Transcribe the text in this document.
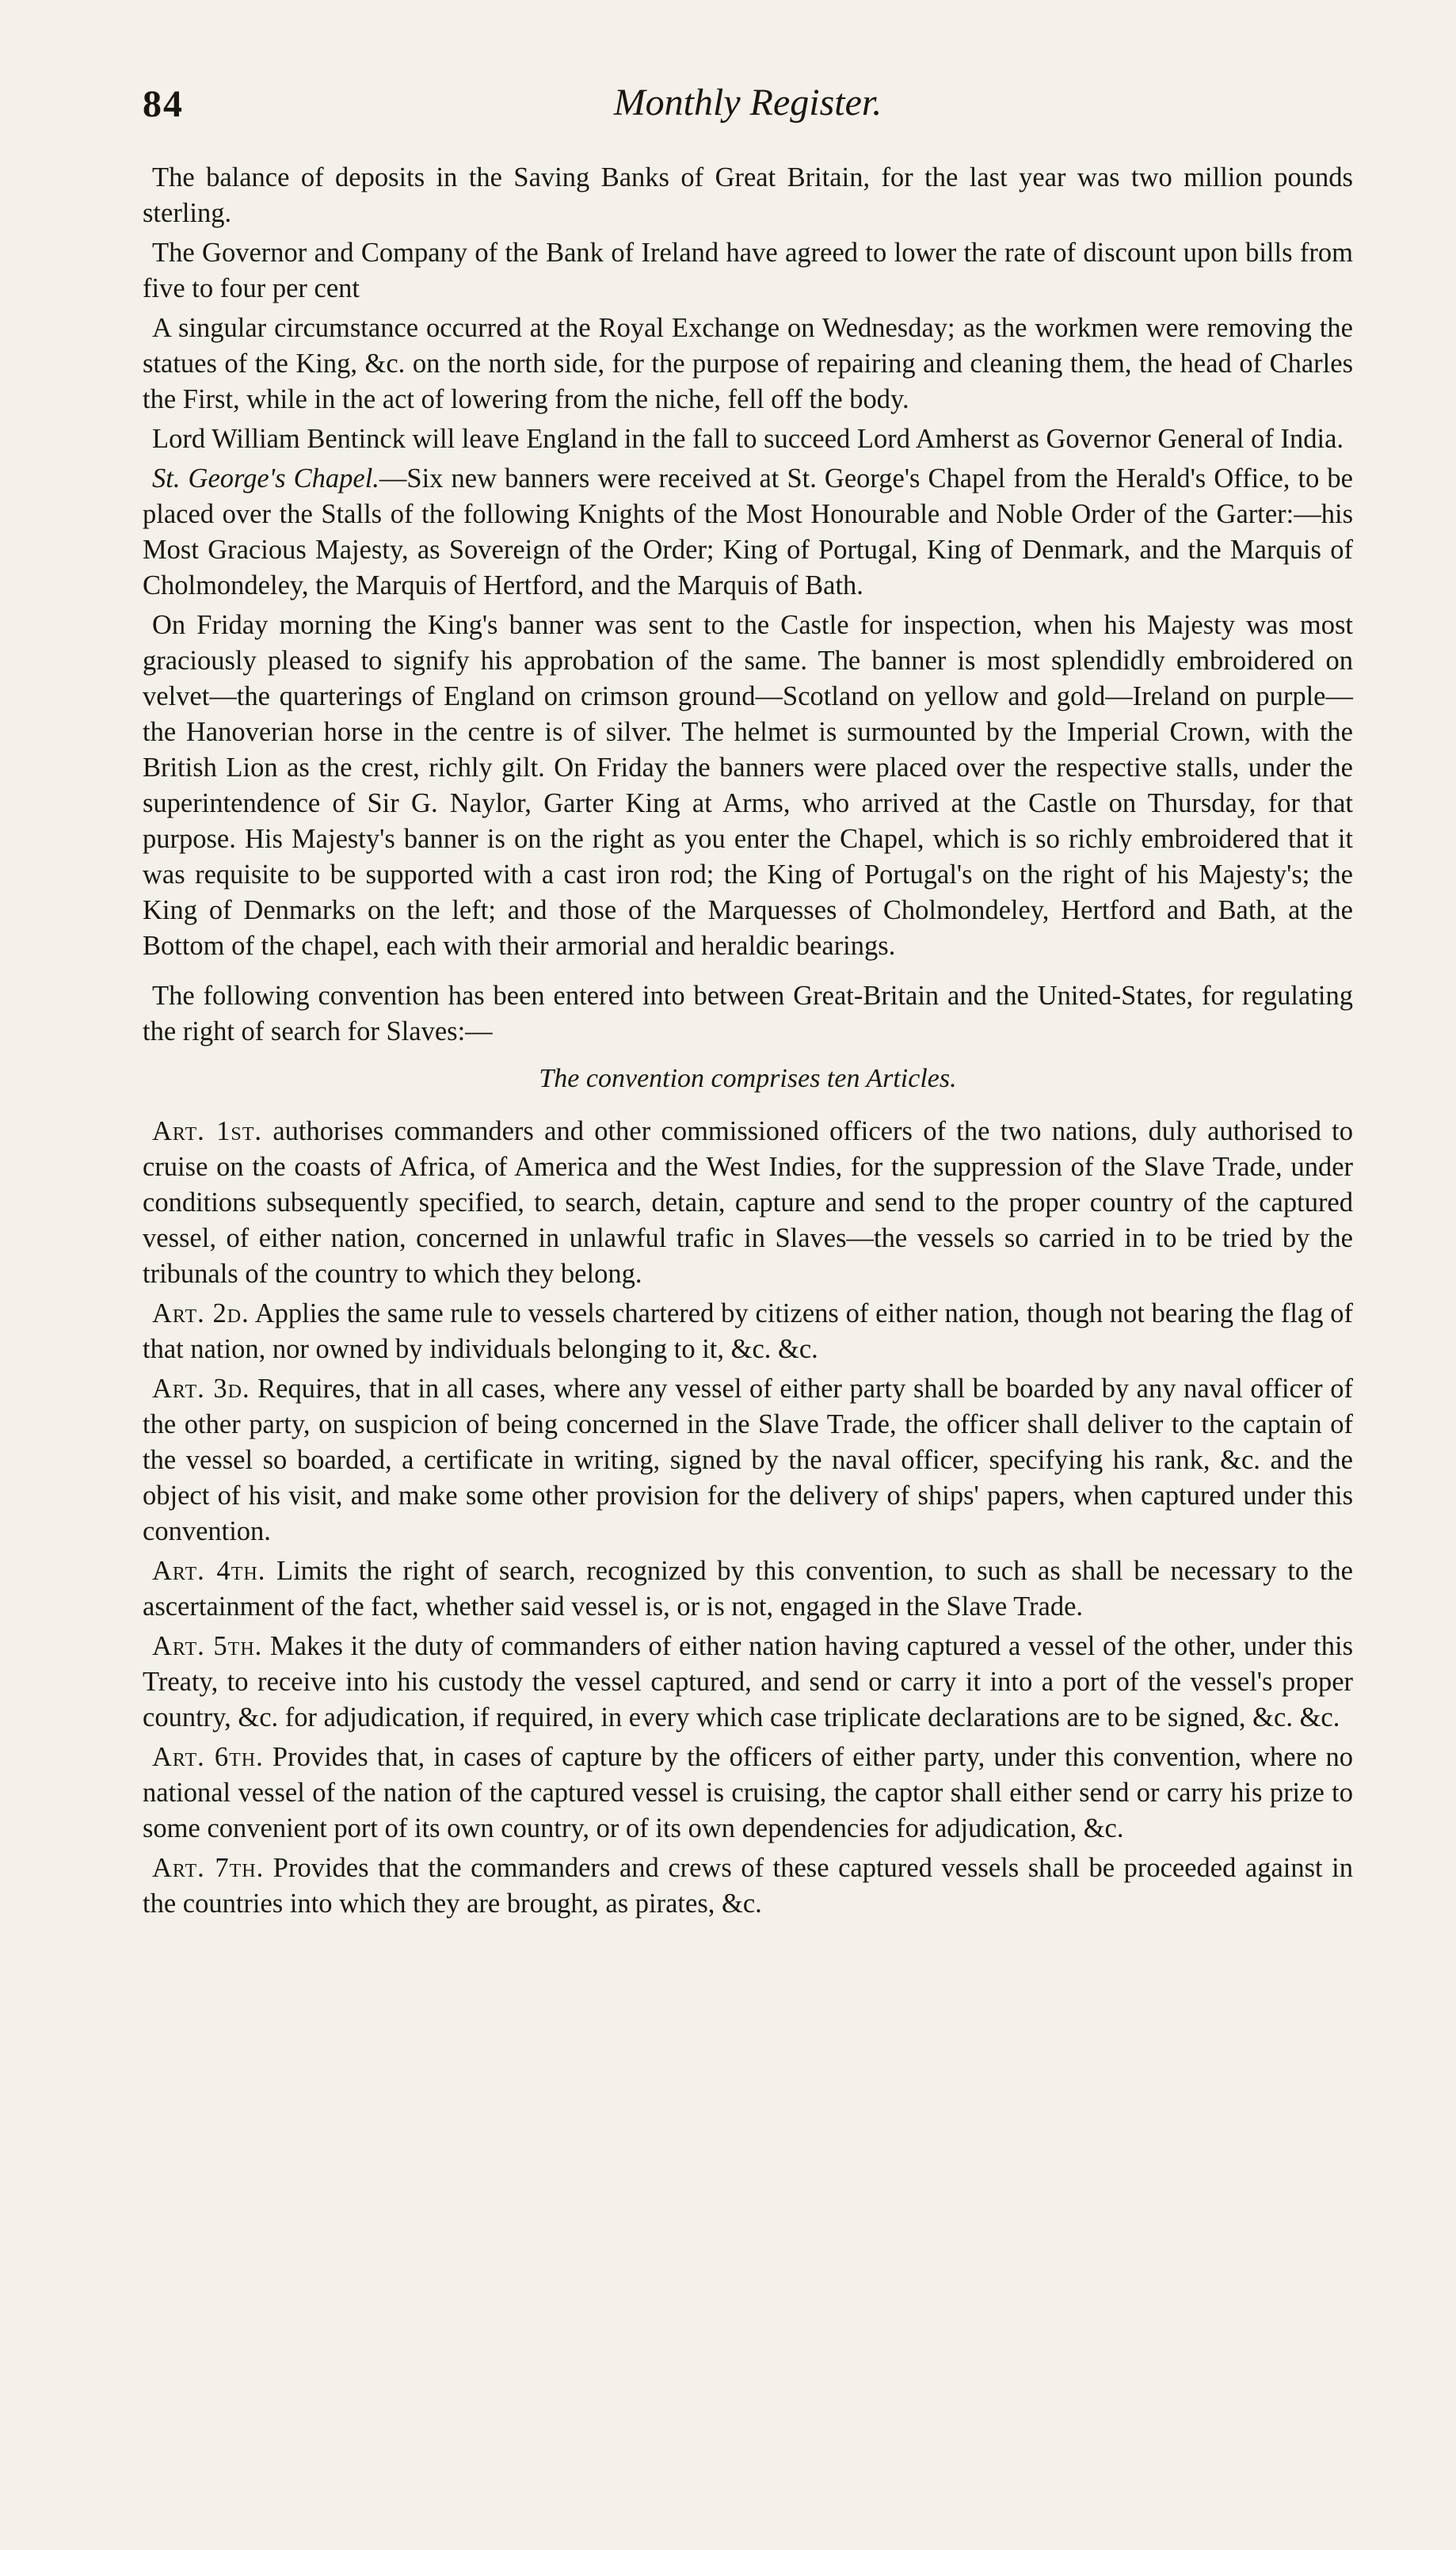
84	Monthly Register.

The balance of deposits in the Saving Banks of Great Britain, for the last year was two million pounds sterling.

The Governor and Company of the Bank of Ireland have agreed to lower the rate of discount upon bills from five to four per cent

A singular circumstance occurred at the Royal Exchange on Wednesday; as the workmen were removing the statues of the King, &c. on the north side, for the purpose of repairing and cleaning them, the head of Charles the First, while in the act of lowering from the niche, fell off the body.

Lord William Bentinck will leave England in the fall to succeed Lord Amherst as Governor General of India.

St. George's Chapel.—Six new banners were received at St. George's Chapel from the Herald's Office, to be placed over the Stalls of the following Knights of the Most Honourable and Noble Order of the Garter:—his Most Gracious Majesty, as Sovereign of the Order; King of Portugal, King of Denmark, and the Marquis of Cholmondeley, the Marquis of Hertford, and the Marquis of Bath.

On Friday morning the King's banner was sent to the Castle for inspection, when his Majesty was most graciously pleased to signify his approbation of the same. The banner is most splendidly embroidered on velvet—the quarterings of England on crimson ground—Scotland on yellow and gold—Ireland on purple—the Hanoverian horse in the centre is of silver. The helmet is surmounted by the Imperial Crown, with the British Lion as the crest, richly gilt. On Friday the banners were placed over the respective stalls, under the superintendence of Sir G. Naylor, Garter King at Arms, who arrived at the Castle on Thursday, for that purpose. His Majesty's banner is on the right as you enter the Chapel, which is so richly embroidered that it was requisite to be supported with a cast iron rod; the King of Portugal's on the right of his Majesty's; the King of Denmarks on the left; and those of the Marquesses of Cholmondeley, Hertford and Bath, at the Bottom of the chapel, each with their armorial and heraldic bearings.

The following convention has been entered into between Great-Britain and the United-States, for regulating the right of search for Slaves:—

The convention comprises ten Articles.

Art. 1st. authorises commanders and other commissioned officers of the two nations, duly authorised to cruise on the coasts of Africa, of America and the West Indies, for the suppression of the Slave Trade, under conditions subsequently specified, to search, detain, capture and send to the proper country of the captured vessel, of either nation, concerned in unlawful trafic in Slaves—the vessels so carried in to be tried by the tribunals of the country to which they belong.

Art. 2d. Applies the same rule to vessels chartered by citizens of either nation, though not bearing the flag of that nation, nor owned by individuals belonging to it, &c. &c.

Art. 3d. Requires, that in all cases, where any vessel of either party shall be boarded by any naval officer of the other party, on suspicion of being concerned in the Slave Trade, the officer shall deliver to the captain of the vessel so boarded, a certificate in writing, signed by the naval officer, specifying his rank, &c. and the object of his visit, and make some other provision for the delivery of ships' papers, when captured under this convention.

Art. 4th. Limits the right of search, recognized by this convention, to such as shall be necessary to the ascertainment of the fact, whether said vessel is, or is not, engaged in the Slave Trade.

Art. 5th. Makes it the duty of commanders of either nation having captured a vessel of the other, under this Treaty, to receive into his custody the vessel captured, and send or carry it into a port of the vessel's proper country, &c. for adjudication, if required, in every which case triplicate declarations are to be signed, &c. &c.

Art. 6th. Provides that, in cases of capture by the officers of either party, under this convention, where no national vessel of the nation of the captured vessel is cruising, the captor shall either send or carry his prize to some convenient port of its own country, or of its own dependencies for adjudication, &c.

Art. 7th. Provides that the commanders and crews of these captured vessels shall be proceeded against in the countries into which they are brought, as pirates, &c.
